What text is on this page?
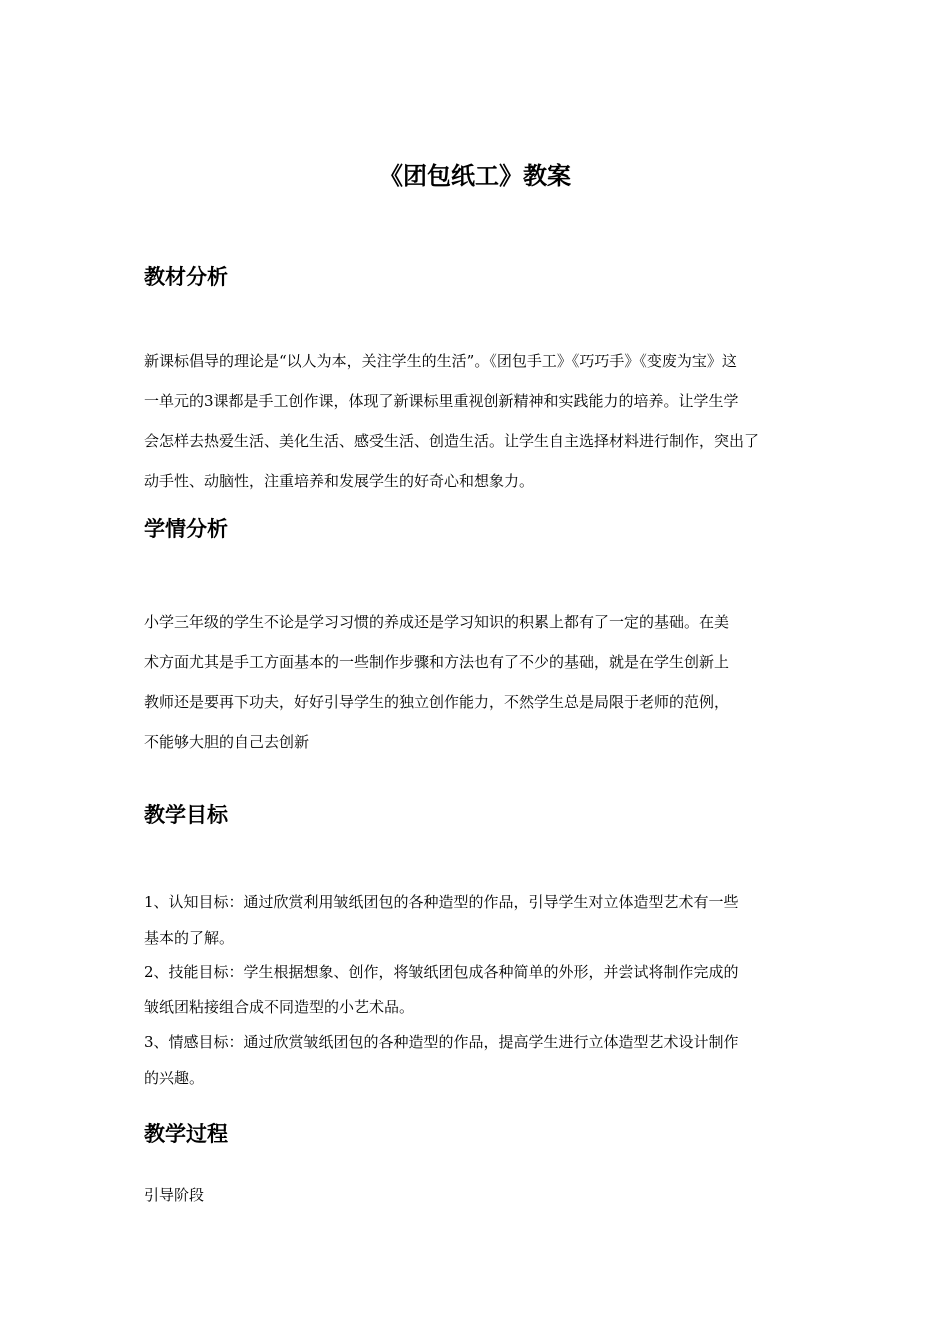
《团包纸工》教案
教材分析
新课标倡导的理论是“以人为本，关注学生的生活”。《团包手工》《巧巧手》《变废为宝》这
一单元的3课都是手工创作课，体现了新课标里重视创新精神和实践能力的培养。让学生学
会怎样去热爱生活、美化生活、感受生活、创造生活。让学生自主选择材料进行制作，突出了
动手性、动脑性，注重培养和发展学生的好奇心和想象力。
学情分析
小学三年级的学生不论是学习习惯的养成还是学习知识的积累上都有了一定的基础。在美
术方面尤其是手工方面基本的一些制作步骤和方法也有了不少的基础，就是在学生创新上
教师还是要再下功夫，好好引导学生的独立创作能力，不然学生总是局限于老师的范例，
不能够大胆的自己去创新
教学目标
1、认知目标：通过欣赏利用皱纸团包的各种造型的作品，引导学生对立体造型艺术有一些
基本的了解。
2、技能目标：学生根据想象、创作，将皱纸团包成各种简单的外形，并尝试将制作完成的
皱纸团粘接组合成不同造型的小艺术品。
3、情感目标：通过欣赏皱纸团包的各种造型的作品，提高学生进行立体造型艺术设计制作
的兴趣。
教学过程
引导阶段
